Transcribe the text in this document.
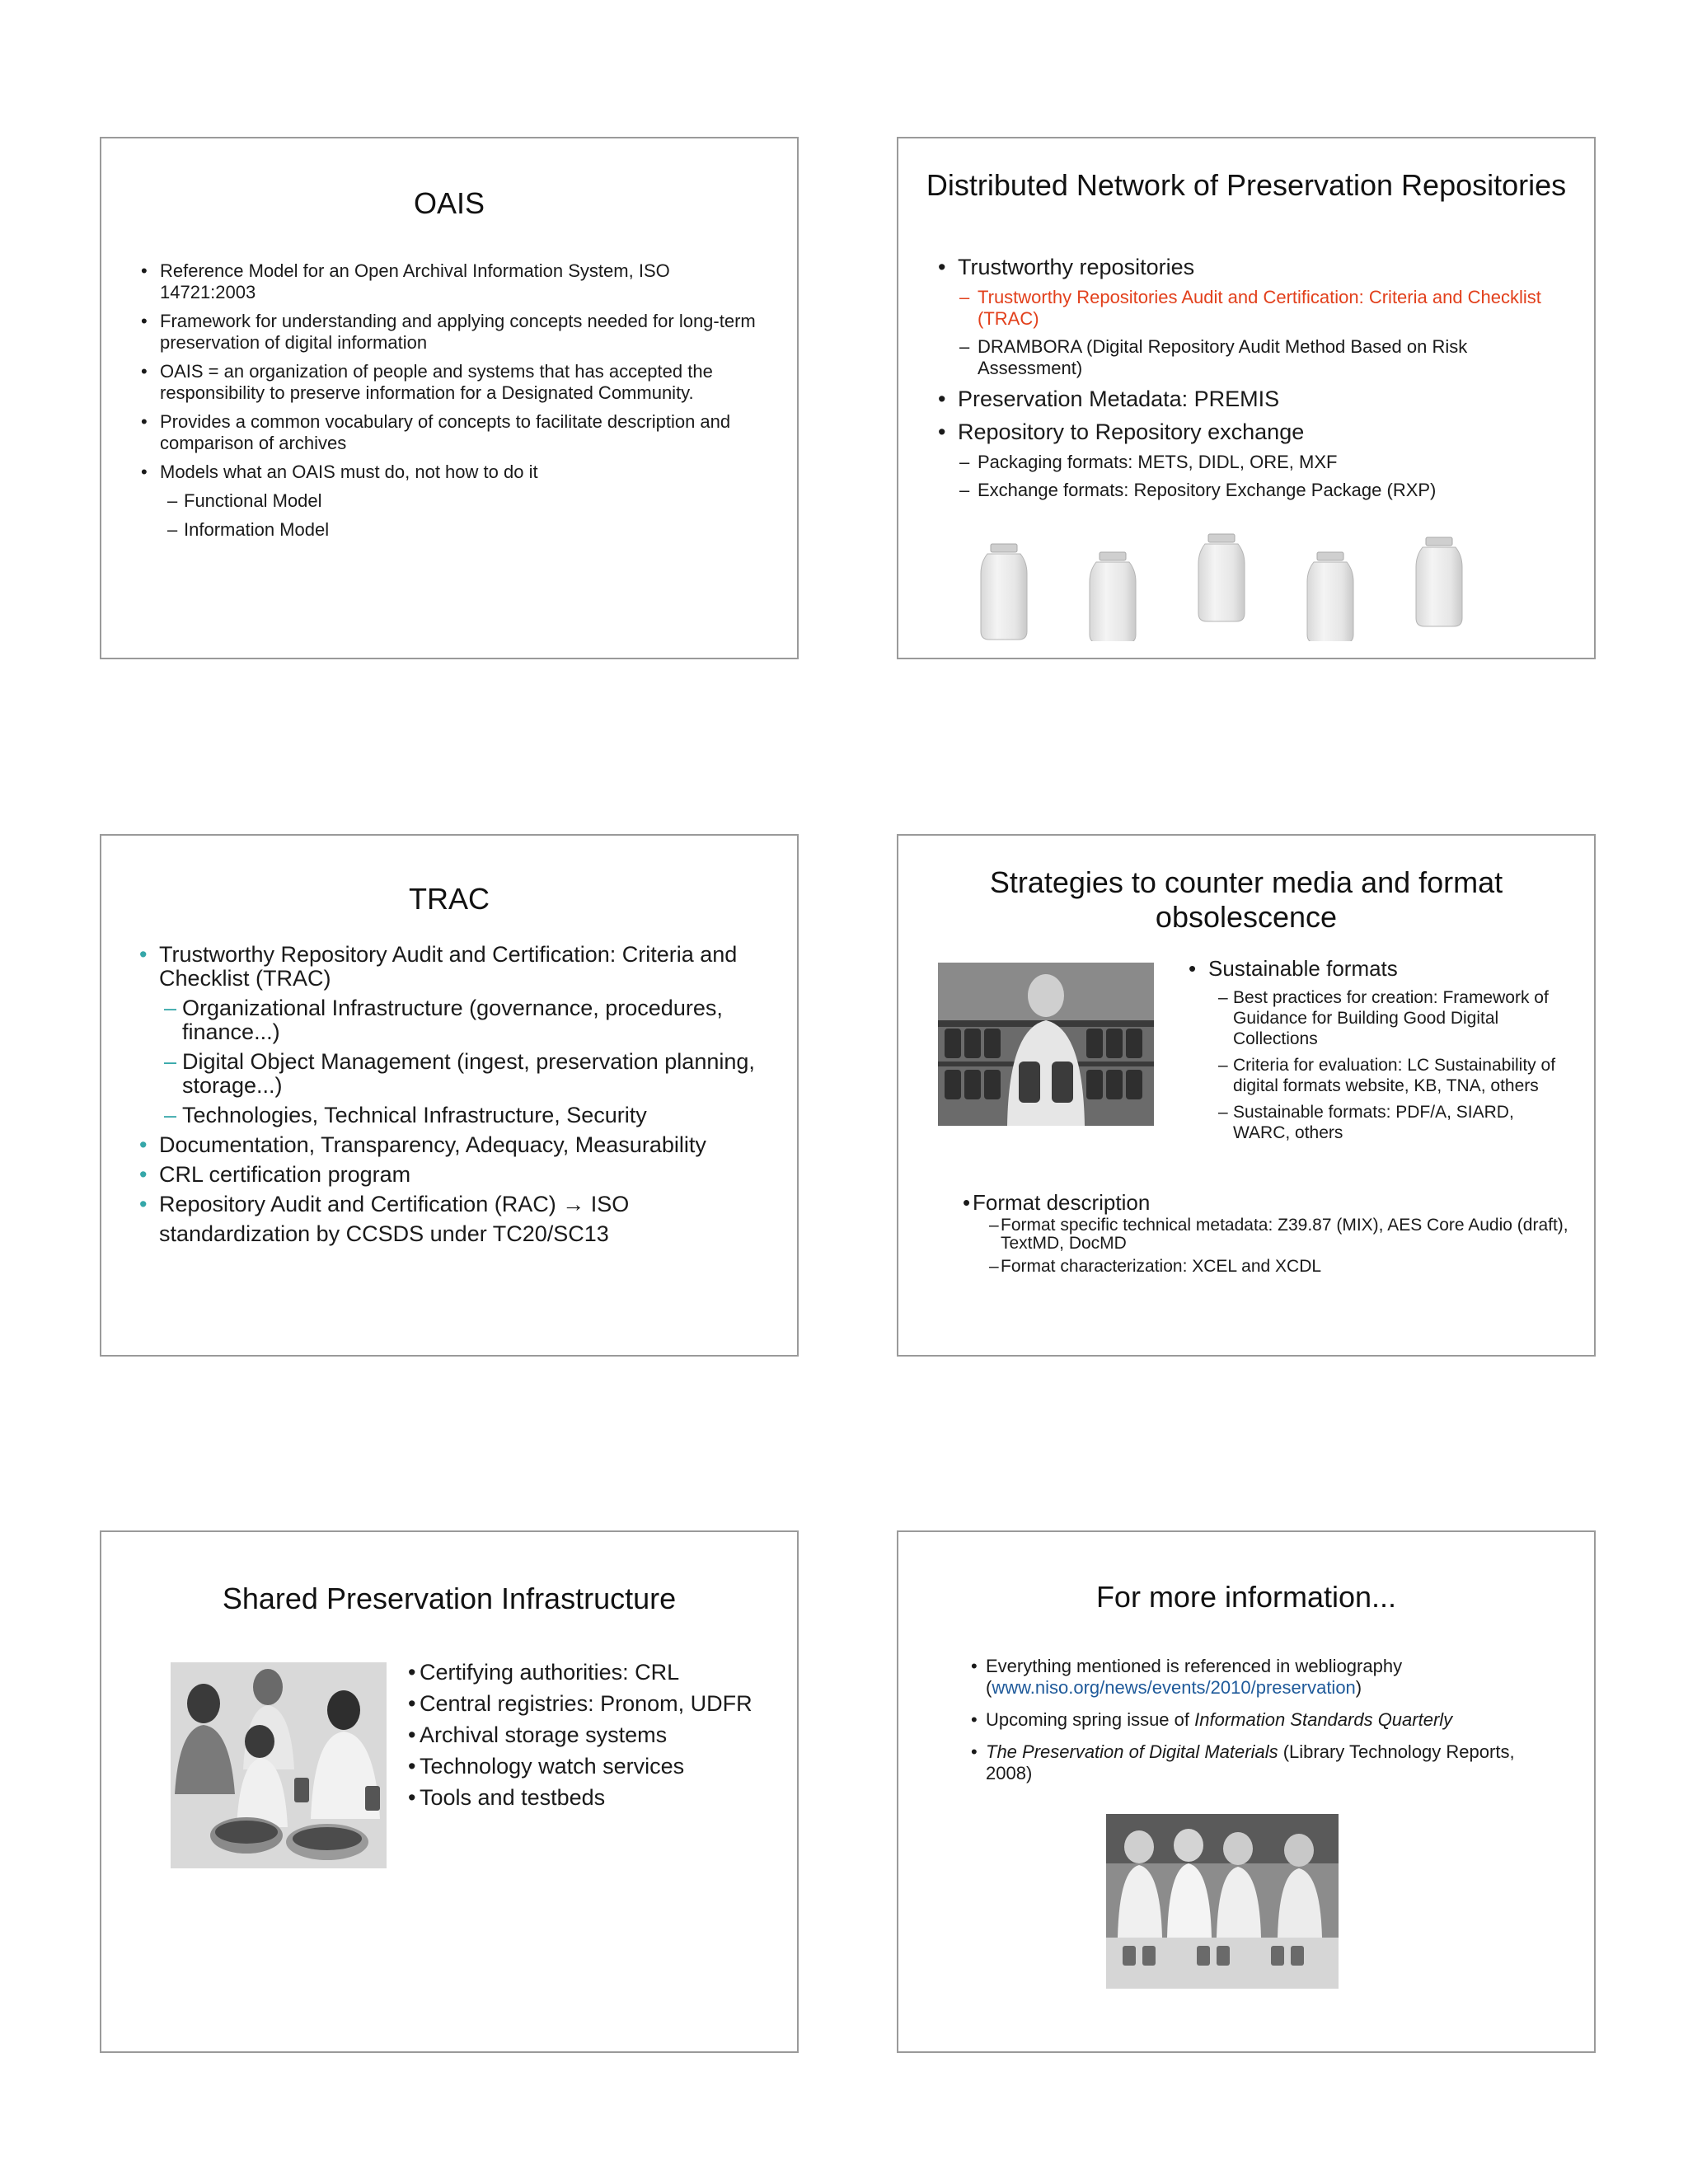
OAIS
• Reference Model for an Open Archival Information System, ISO 14721:2003
• Framework for understanding and applying concepts needed for long-term preservation of digital information
• OAIS = an organization of people and systems that has accepted the responsibility to preserve information for a Designated Community.
• Provides a common vocabulary of concepts to facilitate description and comparison of archives
• Models what an OAIS must do, not how to do it
– Functional Model
– Information Model
Distributed Network of Preservation Repositories
• Trustworthy repositories
– Trustworthy Repositories Audit and Certification: Criteria and Checklist (TRAC)
– DRAMBORA (Digital Repository Audit Method Based on Risk Assessment)
• Preservation Metadata: PREMIS
• Repository to Repository exchange
– Packaging formats: METS, DIDL, ORE, MXF
– Exchange formats: Repository Exchange Package (RXP)
TRAC
• Trustworthy Repository Audit and Certification: Criteria and Checklist (TRAC)
– Organizational Infrastructure (governance, procedures, finance...)
– Digital Object Management (ingest, preservation planning, storage...)
– Technologies, Technical Infrastructure, Security
• Documentation, Transparency, Adequacy, Measurability
• CRL certification program
• Repository Audit and Certification (RAC) → ISO
standardization by CCSDS under TC20/SC13
Strategies to counter media and format obsolescence
• Sustainable formats
– Best practices for creation: Framework of Guidance for Building Good Digital Collections
– Criteria for evaluation: LC Sustainability of digital formats website, KB, TNA, others
– Sustainable formats: PDF/A, SIARD, WARC, others
• Format description
– Format specific technical metadata: Z39.87 (MIX), AES Core Audio (draft), TextMD, DocMD
– Format characterization: XCEL and XCDL
Shared Preservation Infrastructure
• Certifying authorities: CRL
• Central registries: Pronom, UDFR
• Archival storage systems
• Technology watch services
• Tools and testbeds
For more information...
• Everything mentioned is referenced in webliography (www.niso.org/news/events/2010/preservation)
• Upcoming spring issue of Information Standards Quarterly
• The Preservation of Digital Materials (Library Technology Reports, 2008)
